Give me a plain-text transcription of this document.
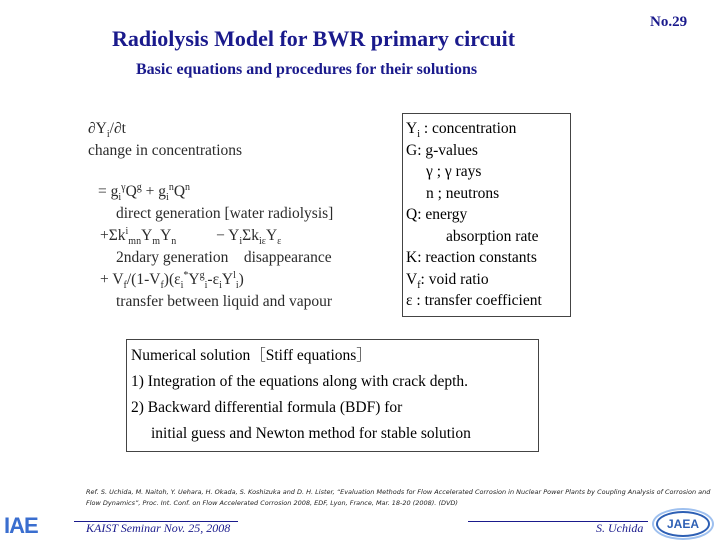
Radiolysis Model for BWR primary circuit
No.29
Basic equations and procedures for their solutions
$\partial Y_i/\partial t$
change in concentrations
= $g_i^\gamma Q^g + g_i^nQ^n$
direct generation [water radiolysis]
$+\Sigma k^i_{mn}Y_mY_n$	− $Y_i\Sigma k_{i\varepsilon}Y_\varepsilon$
2ndary generation　disappearance
+ $V_f/(1-V_f)(\varepsilon_i^*Y^g_i-\varepsilon_iY^l_i)$
transfer between liquid and vapour
$Y_i$ : concentration
G: g-values
γ ; γ rays
n ; neutrons
Q: energy
absorption rate
K: reaction constants
$V_f$: void ratio
ε : transfer coefficient
Numerical solution［Stiff equations］
1) Integration of the equations along with crack depth.
2) Backward differential formula (BDF) for
initial guess and Newton method for stable solution
Ref. S. Uchida, M. Naitoh, Y. Uehara, H. Okada, S. Koshizuka and D. H. Lister, “Evaluation Methods for Flow Accelerated Corrosion in Nuclear Power Plants by Coupling Analysis of Corrosion and Flow Dynamics”, Proc. Int. Conf. on Flow Accelerated Corrosion 2008, EDF, Lyon, France, Mar. 18-20 (2008). (DVD)
IAE	KAIST Seminar Nov. 25, 2008	S. Uchida	JAEA
